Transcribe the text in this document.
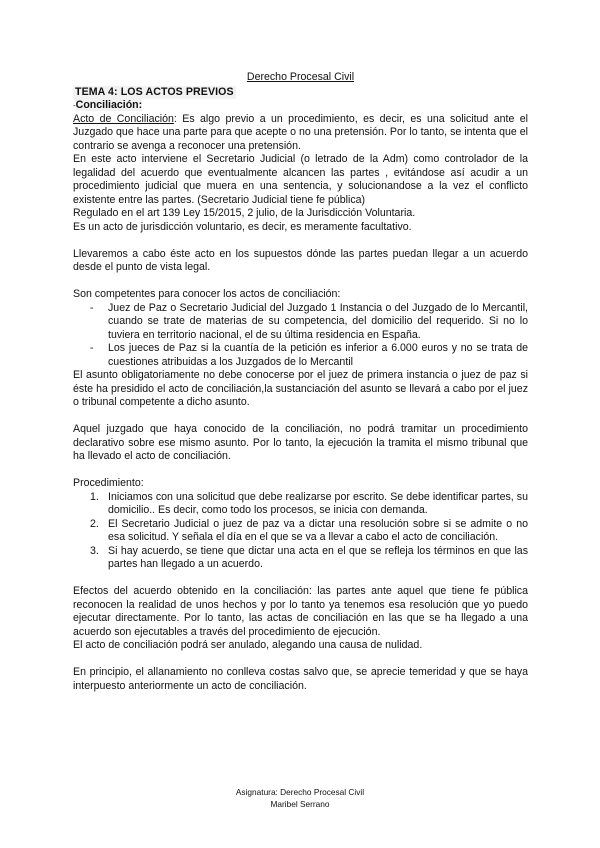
Derecho Procesal Civil
TEMA 4: LOS ACTOS PREVIOS
-Conciliación:

Acto de Conciliación: Es algo previo a un procedimiento, es decir, es una solicitud ante el Juzgado que hace una parte para que acepte o no una pretensión. Por lo tanto, se intenta que el contrario se avenga a reconocer una pretensión.

En este acto interviene el Secretario Judicial (o letrado de la Adm) como controlador de la legalidad del acuerdo que eventualmente alcancen las partes , evitándose así acudir a un procedimiento judicial que muera en una sentencia, y solucionandose a la vez el conflicto existente entre las partes. (Secretario Judicial tiene fe pública)

Regulado en el art 139 Ley 15/2015, 2 julio, de la Jurisdicción Voluntaria.

Es un acto de jurisdicción voluntario, es decir, es meramente facultativo.

Llevaremos a cabo éste acto en los supuestos dónde las partes puedan llegar a un acuerdo desde el punto de vista legal.

Son competentes para conocer los actos de conciliación:

- Juez de Paz o Secretario Judicial del Juzgado 1 Instancia o del Juzgado de lo Mercantil, cuando se trate de materias de su competencia, del domicilio del requerido. Si no lo tuviera en territorio nacional, el de su última residencia en España.
- Los jueces de Paz si la cuantía de la petición es inferior a 6.000 euros y no se trata de cuestiones atribuidas a los Juzgados de lo Mercantil

El asunto obligatoriamente no debe conocerse por el juez de primera instancia o juez de paz si éste ha presidido el acto de conciliación,la sustanciación del asunto se llevará a cabo por el juez o tribunal competente a dicho asunto.

Aquel juzgado que haya conocido de la conciliación, no podrá tramitar un procedimiento declarativo sobre ese mismo asunto. Por lo tanto, la ejecución la tramita el mismo tribunal que ha llevado el acto de conciliación.

Procedimiento:

1. Iniciamos con una solicitud que debe realizarse por escrito. Se debe identificar partes, su domicilio.. Es decir, como todo los procesos, se inicia con demanda.
2. El Secretario Judicial o juez de paz va a dictar una resolución sobre si se admite o no esa solicitud. Y señala el día en el que se va a llevar a cabo el acto de conciliación.
3. Si hay acuerdo, se tiene que dictar una acta en el que se refleja los términos en que las partes han llegado a un acuerdo.

Efectos del acuerdo obtenido en la conciliación: las partes ante aquel que tiene fe pública reconocen la realidad de unos hechos y por lo tanto ya tenemos esa resolución que yo puedo ejecutar directamente. Por lo tanto, las actas de conciliación en las que se ha llegado a una acuerdo son ejecutables a través del procedimiento de ejecución.

El acto de conciliación podrá ser anulado, alegando una causa de nulidad.

En principio, el allanamiento no conlleva costas salvo que, se aprecie temeridad y que se haya interpuesto anteriormente un acto de conciliación.

Asignatura: Derecho Procesal Civil
Maribel Serrano
